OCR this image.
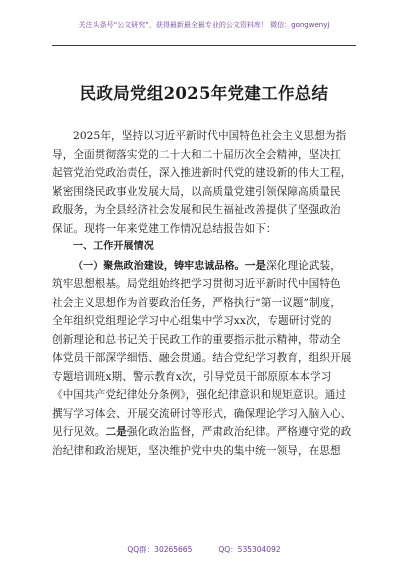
关注头条号“公文研究”，获得最新最全最专业的公文资料库！ 微信：gongwenyj
民政局党组2025年党建工作总结
2025年，坚持以习近平新时代中国特色社会主义思想为指
导，全面贯彻落实党的二十大和二十届历次全会精神，坚决扛
起管党治党政治责任，深入推进新时代党的建设新的伟大工程，
紧密围绕民政事业发展大局，以高质量党建引领保障高质量民
政服务，为全县经济社会发展和民生福祉改善提供了坚强政治
保证。现将一年来党建工作情况总结报告如下：
一、工作开展情况
（一）聚焦政治建设，铸牢忠诚品格。一是深化理论武装，
筑牢思想根基。局党组始终把学习贯彻习近平新时代中国特色
社会主义思想作为首要政治任务，严格执行“第一议题”制度，
全年组织党组理论学习中心组集中学习xx次，专题研讨党的
创新理论和总书记关于民政工作的重要指示批示精神，带动全
体党员干部深学细悟、融会贯通。结合党纪学习教育，组织开展
专题培训班x期、警示教育x次，引导党员干部原原本本学习
《中国共产党纪律处分条例》，强化纪律意识和规矩意识。通过
撰写学习体会、开展交流研讨等形式，确保理论学习入脑入心、
见行见效。二是强化政治监督，严肃政治纪律。严格遵守党的政
治纪律和政治规矩，坚决维护党中央的集中统一领导，在思想
QQ群：30265665	QQ：535304092
